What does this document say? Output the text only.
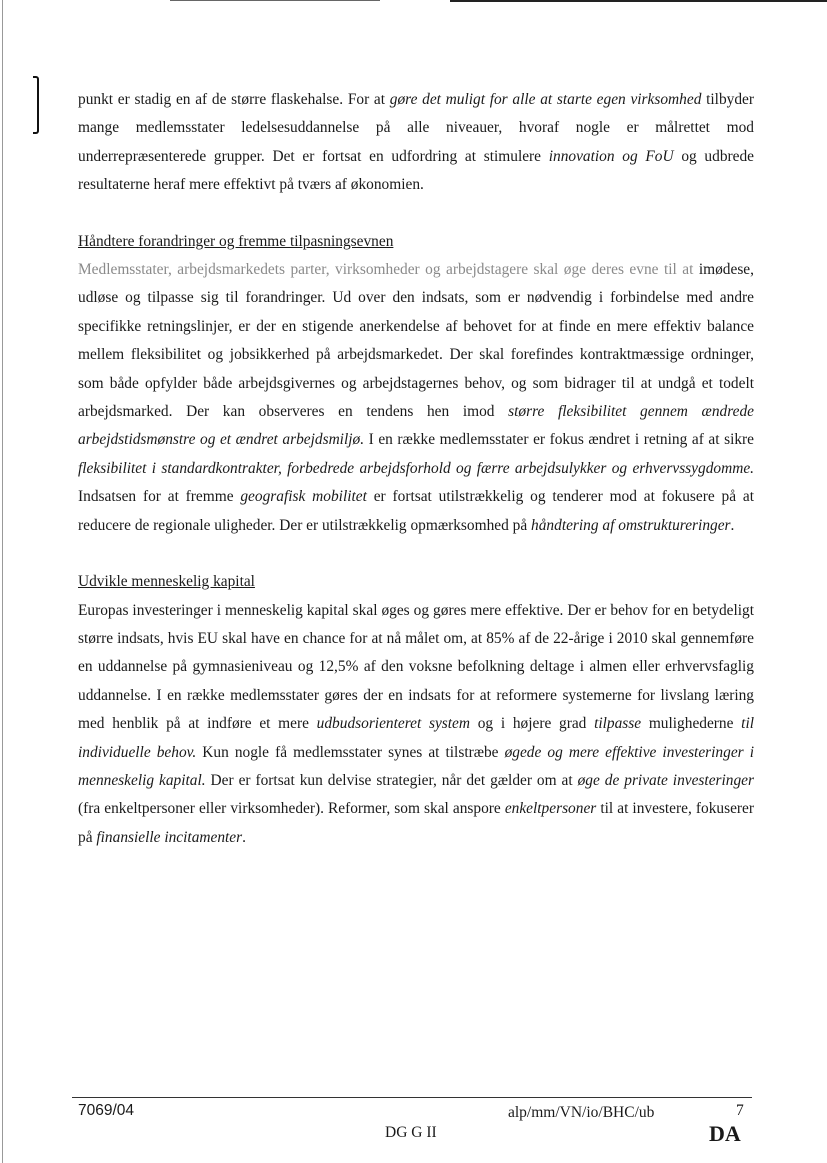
punkt er stadig en af de større flaskehalse. For at gøre det muligt for alle at starte egen virksomhed tilbyder mange medlemsstater ledelsesuddannelse på alle niveauer, hvoraf nogle er målrettet mod underrepræsenterede grupper. Det er fortsat en udfordring at stimulere innovation og FoU og udbrede resultaterne heraf mere effektivt på tværs af økonomien.

Håndtere forandringer og fremme tilpasningsevnen

Medlemsstater, arbejdsmarkedets parter, virksomheder og arbejdstagere skal øge deres evne til at imødese, udløse og tilpasse sig til forandringer. Ud over den indsats, som er nødvendig i forbindelse med andre specifikke retningslinjer, er der en stigende anerkendelse af behovet for at finde en mere effektiv balance mellem fleksibilitet og jobsikkerhed på arbejdsmarkedet. Der skal forefindes kontraktmæssige ordninger, som både opfylder både arbejdsgivernes og arbejdstagernes behov, og som bidrager til at undgå et todelt arbejdsmarked. Der kan observeres en tendens hen imod større fleksibilitet gennem ændrede arbejdstidsmønstre og et ændret arbejdsmiljø. I en række medlemsstater er fokus ændret i retning af at sikre fleksibilitet i standardkontrakter, forbedrede arbejdsforhold og færre arbejdsulykker og erhvervssygdomme. Indsatsen for at fremme geografisk mobilitet er fortsat utilstrækkelig og tenderer mod at fokusere på at reducere de regionale uligheder. Der er utilstrækkelig opmærksomhed på håndtering af omstruktureringer.

Udvikle menneskelig kapital

Europas investeringer i menneskelig kapital skal øges og gøres mere effektive. Der er behov for en betydeligt større indsats, hvis EU skal have en chance for at nå målet om, at 85% af de 22-årige i 2010 skal gennemføre en uddannelse på gymnasieniveau og 12,5% af den voksne befolkning deltage i almen eller erhvervsfaglig uddannelse. I en række medlemsstater gøres der en indsats for at reformere systemerne for livslang læring med henblik på at indføre et mere udbudsorienteret system og i højere grad tilpasse mulighederne til individuelle behov. Kun nogle få medlemsstater synes at tilstræbe øgede og mere effektive investeringer i menneskelig kapital. Der er fortsat kun delvise strategier, når det gælder om at øge de private investeringer (fra enkeltpersoner eller virksomheder). Reformer, som skal anspore enkeltpersoner til at investere, fokuserer på finansielle incitamenter.

7069/04
DG G II
alp/mm/VN/io/BHC/ub	7
DA
